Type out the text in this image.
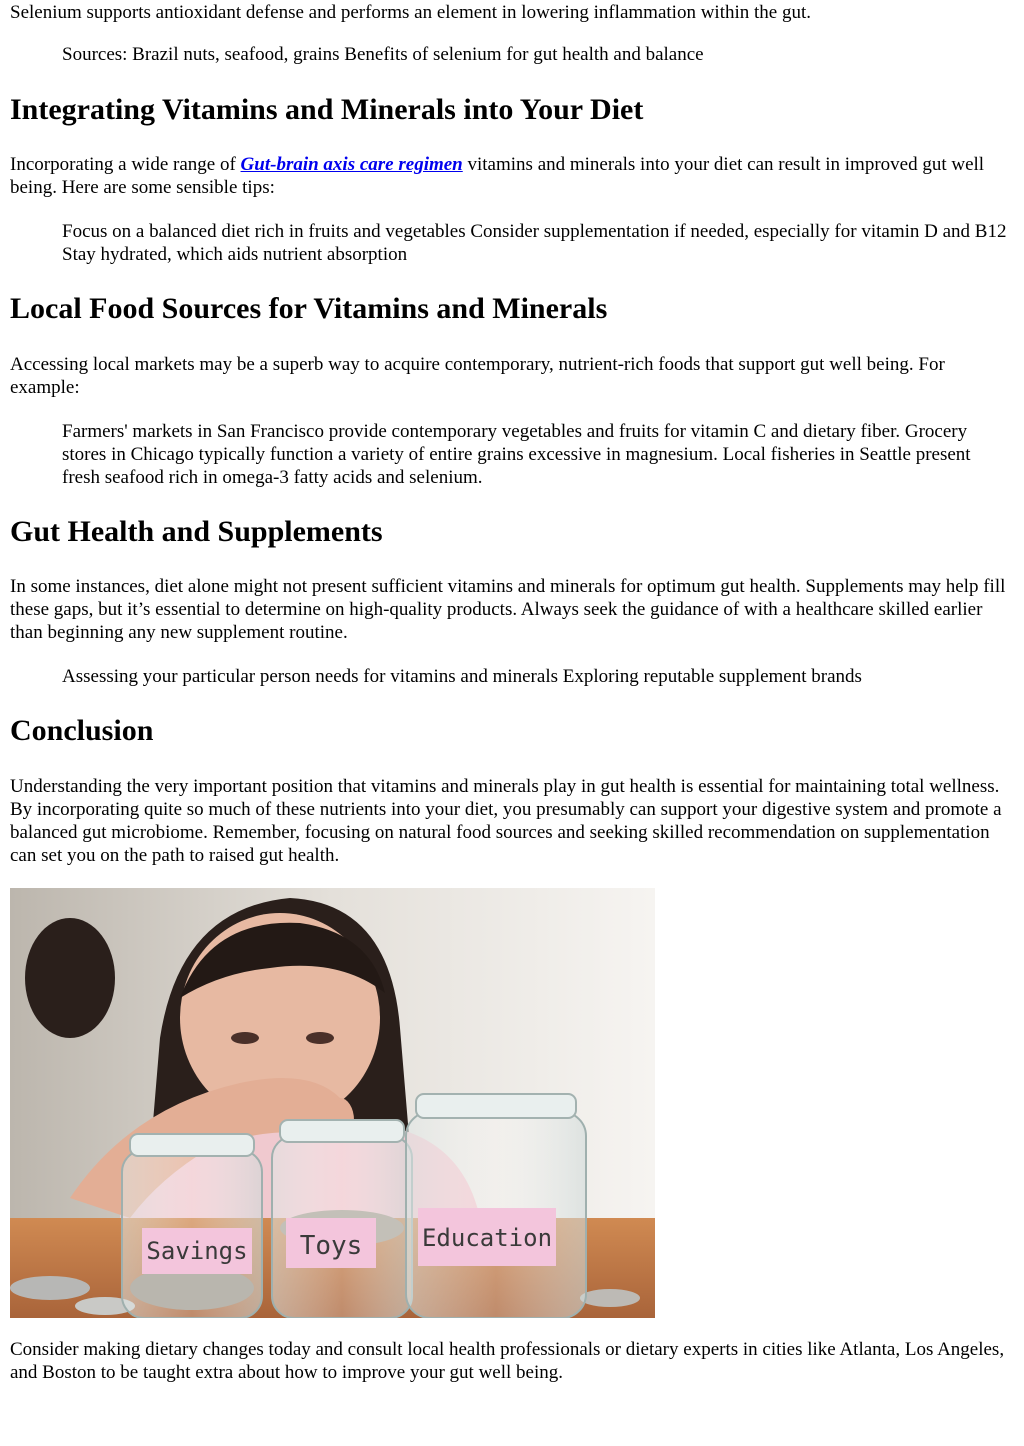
Selenium supports antioxidant defense and performs an element in lowering inflammation within the gut.

Sources: Brazil nuts, seafood, grains Benefits of selenium for gut health and balance

Integrating Vitamins and Minerals into Your Diet

Incorporating a wide range of Gut-brain axis care regimen vitamins and minerals into your diet can result in improved gut well being. Here are some sensible tips:

Focus on a balanced diet rich in fruits and vegetables Consider supplementation if needed, especially for vitamin D and B12 Stay hydrated, which aids nutrient absorption

Local Food Sources for Vitamins and Minerals

Accessing local markets may be a superb way to acquire contemporary, nutrient-rich foods that support gut well being. For example:

Farmers' markets in San Francisco provide contemporary vegetables and fruits for vitamin C and dietary fiber. Grocery stores in Chicago typically function a variety of entire grains excessive in magnesium. Local fisheries in Seattle present fresh seafood rich in omega-3 fatty acids and selenium.

Gut Health and Supplements

In some instances, diet alone might not present sufficient vitamins and minerals for optimum gut health. Supplements may help fill these gaps, but it’s essential to determine on high-quality products. Always seek the guidance of with a healthcare skilled earlier than beginning any new supplement routine.

Assessing your particular person needs for vitamins and minerals Exploring reputable supplement brands

Conclusion

Understanding the very important position that vitamins and minerals play in gut health is essential for maintaining total wellness. By incorporating quite so much of these nutrients into your diet, you presumably can support your digestive system and promote a balanced gut microbiome. Remember, focusing on natural food sources and seeking skilled recommendation on supplementation can set you on the path to raised gut health.

Savings Toys Education

Consider making dietary changes today and consult local health professionals or dietary experts in cities like Atlanta, Los Angeles, and Boston to be taught extra about how to improve your gut well being.
